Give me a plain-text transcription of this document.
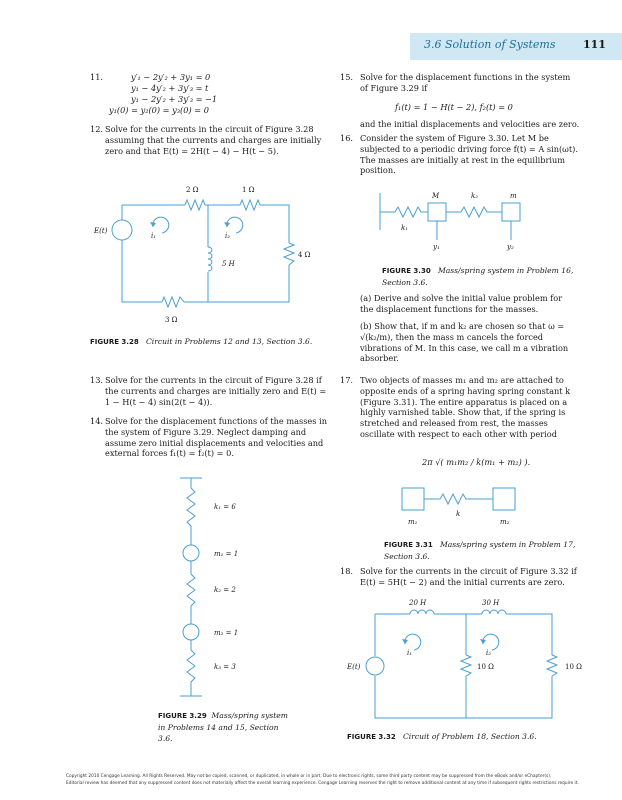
3.6 Solution of Systems	111
11.	y′₁ − 2y′₂ + 3y₁ = 0
y₁ − 4y′₂ + 3y′₃ = t
y₁ − 2y′₂ + 3y′₃ = −1
y₁(0) = y₂(0) = y₃(0) = 0
12. Solve for the currents in the circuit of Figure 3.28 assuming that the currents and charges are initially zero and that E(t) = 2H(t − 4) − H(t − 5).
2 Ω	1 Ω
4 Ω
3 Ω
5 H
E(t)
i₁	i₂
FIGURE 3.28 Circuit in Problems 12 and 13, Section 3.6.
13. Solve for the currents in the circuit of Figure 3.28 if the currents and charges are initially zero and E(t) = 1 − H(t − 4) sin(2(t − 4)).
14. Solve for the displacement functions of the masses in the system of Figure 3.29. Neglect damping and assume zero initial displacements and velocities and external forces f₁(t) = f₂(t) = 0.
k₁ = 6
m₁ = 1
k₂ = 2
m₂ = 1
k₃ = 3
FIGURE 3.29 Mass/spring system in Problems 14 and 15, Section 3.6.
15. Solve for the displacement functions in the system of Figure 3.29 if
f₁(t) = 1 − H(t − 2), f₂(t) = 0
and the initial displacements and velocities are zero.
16. Consider the system of Figure 3.30. Let M be subjected to a periodic driving force f(t) = A sin(ωt). The masses are initially at rest in the equilibrium position.
M	k₂	m
k₁
y₁	y₂
FIGURE 3.30 Mass/spring system in Problem 16, Section 3.6.
(a) Derive and solve the initial value problem for the displacement functions for the masses.
(b) Show that, if m and k₂ are chosen so that ω = √(k₂/m), then the mass m cancels the forced vibrations of M. In this case, we call m a vibration absorber.
17. Two objects of masses m₁ and m₂ are attached to opposite ends of a spring having spring constant k (Figure 3.31). The entire apparatus is placed on a highly varnished table. Show that, if the spring is stretched and released from rest, the masses oscillate with respect to each other with period
2π √( m₁m₂ / k(m₁ + m₂) ).
m₁
k
m₂
FIGURE 3.31 Mass/spring system in Problem 17, Section 3.6.
18. Solve for the currents in the circuit of Figure 3.32 if E(t) = 5H(t − 2) and the initial currents are zero.
20 H	30 H
10 Ω	10 Ω
E(t)
i₁	i₂
FIGURE 3.32 Circuit of Problem 18, Section 3.6.
Copyright 2010 Cengage Learning. All Rights Reserved. May not be copied, scanned, or duplicated, in whole or in part. Due to electronic rights, some third party content may be suppressed from the eBook and/or eChapter(s).
Editorial review has deemed that any suppressed content does not materially affect the overall learning experience. Cengage Learning reserves the right to remove additional content at any time if subsequent rights restrictions require it.
